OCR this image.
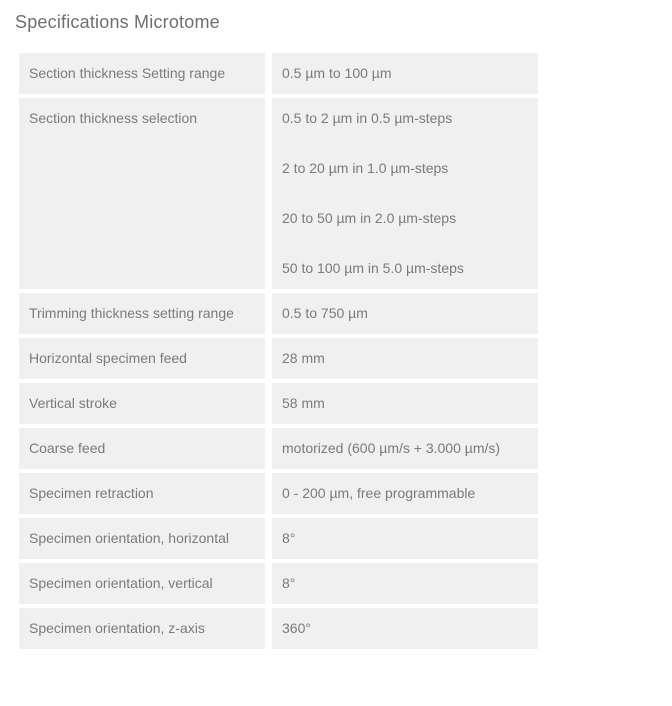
Specifications Microtome
Section thickness Setting range	0.5 µm to 100 µm

Section thickness selection	0.5 to 2 µm in 0.5 µm-steps

2 to 20 µm in 1.0 µm-steps

20 to 50 µm in 2.0 µm-steps

50 to 100 µm in 5.0 µm-steps

Trimming thickness setting range	0.5 to 750 µm

Horizontal specimen feed	28 mm

Vertical stroke	58 mm

Coarse feed	motorized (600 µm/s + 3.000 µm/s)

Specimen retraction	0 - 200 µm, free programmable

Specimen orientation, horizontal	8°

Specimen orientation, vertical	8°

Specimen orientation, z-axis	360°
